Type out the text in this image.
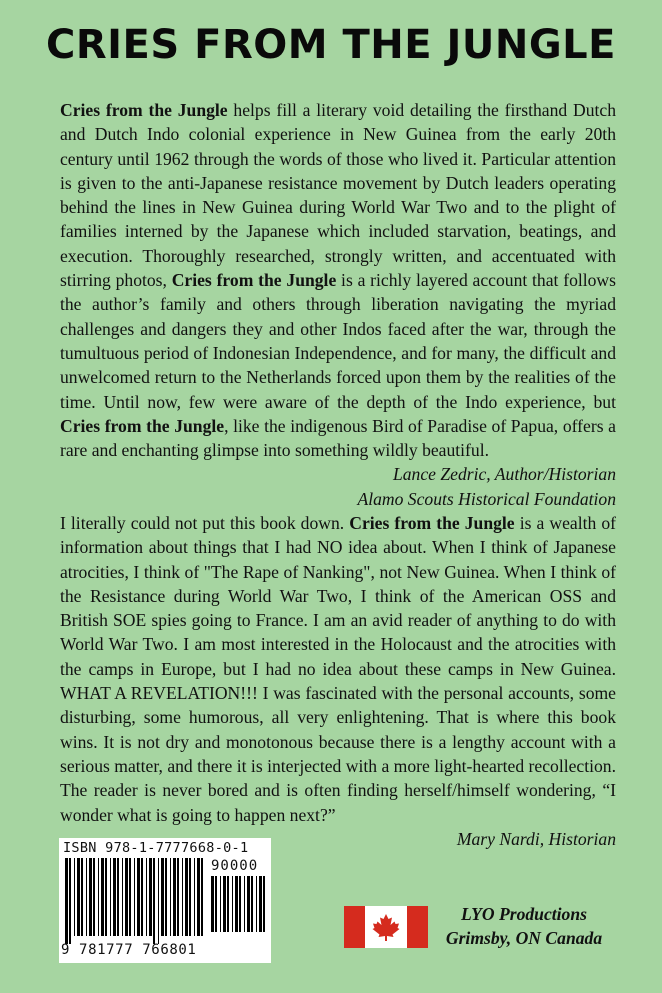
CRIES FROM THE JUNGLE

Cries from the Jungle helps fill a literary void detailing the firsthand Dutch and Dutch Indo colonial experience in New Guinea from the early 20th century until 1962 through the words of those who lived it. Particular attention is given to the anti-Japanese resistance movement by Dutch leaders operating behind the lines in New Guinea during World War Two and to the plight of families interned by the Japanese which included starvation, beatings, and execution. Thoroughly researched, strongly written, and accentuated with stirring photos, Cries from the Jungle is a richly layered account that follows the author’s family and others through liberation navigating the myriad challenges and dangers they and other Indos faced after the war, through the tumultuous period of Indonesian Independence, and for many, the difficult and unwelcomed return to the Netherlands forced upon them by the realities of the time. Until now, few were aware of the depth of the Indo experience, but Cries from the Jungle, like the indigenous Bird of Paradise of Papua, offers a rare and enchanting glimpse into something wildly beautiful.

Lance Zedric, Author/Historian
Alamo Scouts Historical Foundation

I literally could not put this book down. Cries from the Jungle is a wealth of information about things that I had NO idea about. When I think of Japanese atrocities, I think of "The Rape of Nanking", not New Guinea. When I think of the Resistance during World War Two, I think of the American OSS and British SOE spies going to France. I am an avid reader of anything to do with World War Two. I am most interested in the Holocaust and the atrocities with the camps in Europe, but I had no idea about these camps in New Guinea. WHAT A REVELATION!!! I was fascinated with the personal accounts, some disturbing, some humorous, all very enlightening. That is where this book wins. It is not dry and monotonous because there is a lengthy account with a serious matter, and there it is interjected with a more light-hearted recollection. The reader is never bored and is often finding herself/himself wondering, “I wonder what is going to happen next?”

Mary Nardi, Historian
ISBN 978-1-7777668-0-1
90000
9 781777 766801
LYO Productions
Grimsby, ON Canada
